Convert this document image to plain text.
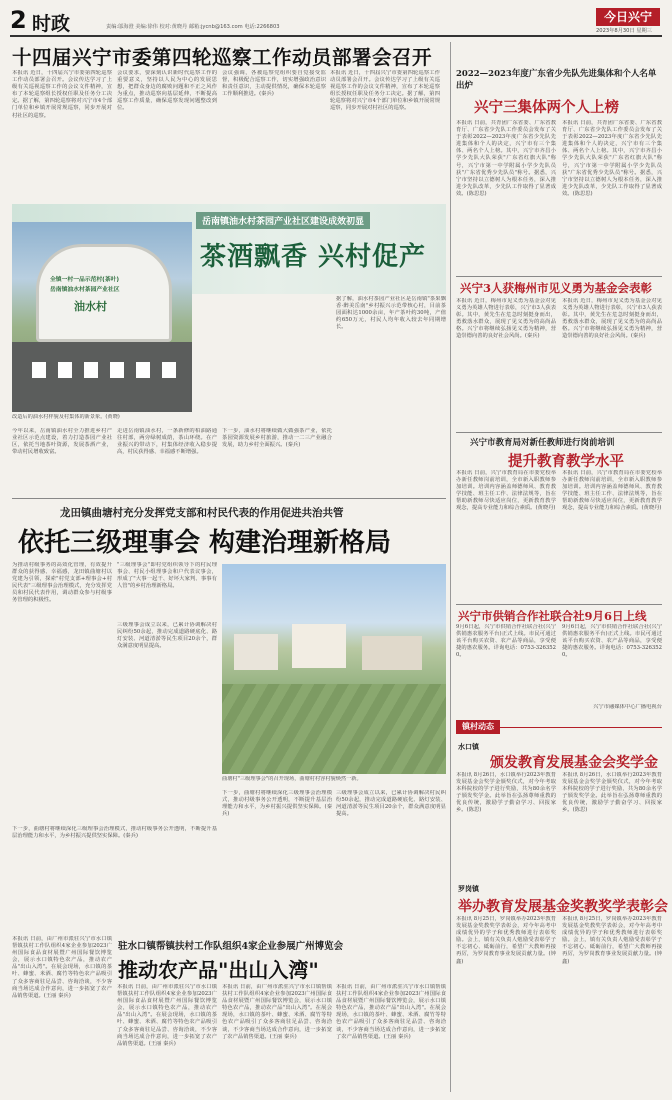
2 时政	责编:邬海澄 美编:徐伟 校对:黄晓丹 邮箱:jycnb@163.com 电话:2266803
今日兴宁
2023年8月30日 星期三
十四届兴宁市委第四轮巡察工作动员部署会召开
本报讯 近日，十四届兴宁市委第四轮巡察工作动员部署会召开。会议传达学习了上级有关巡视巡察工作的会议文件精神，宣布了本轮巡察组长授权任职及任务分工决定。据了解，第四轮巡察将对兴宁市4个部门单位和乡镇开展常规巡察，同步开展对村社区的巡察。
会议要求，要深刻认识新时代巡察工作的重要意义，坚持以人民为中心的发展思想，把群众身边的腐败问题和不正之风作为重点，推动巡察向基层延伸，不断提高巡察工作质量，确保巡察发现问题整改到位。
会议强调，各被巡察党组织要自觉接受监督，积极配合巡察工作，切实增强政治意识和责任意识，主动提供情况，确保本轮巡察工作顺利推进。(秦兵)
本报讯 近日，十四届兴宁市委第四轮巡察工作动员部署会召开。会议传达学习了上级有关巡视巡察工作的会议文件精神，宣布了本轮巡察组长授权任职及任务分工决定。据了解，第四轮巡察将对兴宁市4个部门单位和乡镇开展常规巡察，同步开展对村社区的巡察。
岳南镇油水村茶园产业社区建设成效初显
茶酒飘香 兴村促产
全镇一村一品示范村(茶叶)
岳南镇油水村茶园产业社区
油水村
改造后的油水村样貌及村集体的新景象。(黄晓)
今年以来，岳南镇油水村全力推进乡村产业社区示范点建设，着力打造茶园产业社区，依托当地茶叶资源，发展茶酒产业，带动村民增收致富。
走进岳南镇油水村，一条新修的柏油路通往村部，两旁绿树成荫，茶山环绕。在产业振兴的带动下，村集体经济收入稳步提高，村民获得感、幸福感不断增强。
下一步，油水村将继续做大做强茶产业，依托茶园资源发展乡村旅游，推动一二三产业融合发展，助力乡村全面振兴。(秦兵)
据了解，油水村茶园产业社区是岳南镇"茶果飘香·醉美岳南"乡村振兴示范带核心村，目前茶园面积达1000余亩，年产茶叶约30吨，产值约650万元，村民人均年收入较去年同期增长。
龙田镇曲塘村充分发挥党支部和村民代表的作用促进共治共管
依托三级理事会 构建治理新格局
为推动村级事务的高效化管理，有效提升群众的获得感、幸福感，龙田镇曲塘村以党建为引领，探索"村党支部+理事会+村民代表"三级理事会治理模式，充分发挥党员和村民代表作用，调动群众参与村级事务管理的积极性。
"三级理事会"即村党组织领导下的村民理事会、村民小组理事会和户代表议事会，形成了"大事一起干、好坏大家判、事事有人管"的乡村治理新格局。
三级理事会成立以来，已累计协调解决村民纠纷50余起，推动完成道路硬底化、路灯安装、河道清淤等民生项目20余个，群众满意度明显提高。
曲塘村"三级理事会"的召开现场，曲塘村村容村貌焕然一新。
下一步，曲塘村将继续深化三级理事会治理模式，推动村级事务公开透明，不断提升基层治理能力和水平，为乡村振兴提供坚实保障。(秦兵)
三级理事会成立以来，已累计协调解决村民纠纷50余起，推动完成道路硬底化、路灯安装、河道清淤等民生项目20余个，群众满意度明显提高。
下一步，曲塘村将继续深化三级理事会治理模式，推动村级事务公开透明，不断提升基层治理能力和水平，为乡村振兴提供坚实保障。(秦兵)
驻水口镇帮镇扶村工作队组织4家企业参展广州博览会
推动农产品"出山入湾"
本报讯 日前，由广州市派驻兴宁市水口镇帮镇扶村工作队组织4家企业参加2023广州国际食品食材展暨广州国际餐饮博览会，展示水口镇特色农产品，推动农产品"出山入湾"。在展会现场，水口镇的茶叶、蜂蜜、米酒、腐竹等特色农产品吸引了众多客商驻足品尝、咨询洽谈，不少客商当场达成合作意向，进一步拓宽了农产品销售渠道。(王丽 秦兵)
本报讯 日前，由广州市派驻兴宁市水口镇帮镇扶村工作队组织4家企业参加2023广州国际食品食材展暨广州国际餐饮博览会，展示水口镇特色农产品，推动农产品"出山入湾"。在展会现场，水口镇的茶叶、蜂蜜、米酒、腐竹等特色农产品吸引了众多客商驻足品尝、咨询洽谈，不少客商当场达成合作意向，进一步拓宽了农产品销售渠道。(王丽 秦兵)
本报讯 日前，由广州市派驻兴宁市水口镇帮镇扶村工作队组织4家企业参加2023广州国际食品食材展暨广州国际餐饮博览会，展示水口镇特色农产品，推动农产品"出山入湾"。在展会现场，水口镇的茶叶、蜂蜜、米酒、腐竹等特色农产品吸引了众多客商驻足品尝、咨询洽谈，不少客商当场达成合作意向，进一步拓宽了农产品销售渠道。(王丽 秦兵)
本报讯 日前，由广州市派驻兴宁市水口镇帮镇扶村工作队组织4家企业参加2023广州国际食品食材展暨广州国际餐饮博览会，展示水口镇特色农产品，推动农产品"出山入湾"。在展会现场，水口镇的茶叶、蜂蜜、米酒、腐竹等特色农产品吸引了众多客商驻足品尝、咨询洽谈，不少客商当场达成合作意向，进一步拓宽了农产品销售渠道。(王丽 秦兵)
2022—2023年度广东省少先队先进集体和个人名单出炉
兴宁三集体两个人上榜
本报讯 日前，共青团广东省委、广东省教育厅、广东省少先队工作委员会发布了关于表彰2022—2023年度广东省少先队先进集体和个人的决定，兴宁市有三个集体、两名个人上榜。其中，兴宁市齐昌小学少先队大队荣获"广东省红旗大队"称号，兴宁市第一中学附属小学少先队员获"广东省优秀少先队员"称号。据悉，兴宁市坚持以立德树人为根本任务，深入推进少先队改革，少先队工作取得了显著成效。(陈思思)
本报讯 日前，共青团广东省委、广东省教育厅、广东省少先队工作委员会发布了关于表彰2022—2023年度广东省少先队先进集体和个人的决定，兴宁市有三个集体、两名个人上榜。其中，兴宁市齐昌小学少先队大队荣获"广东省红旗大队"称号，兴宁市第一中学附属小学少先队员获"广东省优秀少先队员"称号。据悉，兴宁市坚持以立德树人为根本任务，深入推进少先队改革，少先队工作取得了显著成效。(陈思思)
兴宁3人获梅州市见义勇为基金会表彰
本报讯 近日，梅州市见义勇为基金会对见义勇为英雄人物进行表彰，兴宁市3人获表彰。其中，黄先生在危急时刻挺身而出，勇救落水群众，展现了见义勇为的高尚品格。兴宁市将继续弘扬见义勇为精神，营造崇德向善的良好社会风尚。(秦兵)
本报讯 近日，梅州市见义勇为基金会对见义勇为英雄人物进行表彰，兴宁市3人获表彰。其中，黄先生在危急时刻挺身而出，勇救落水群众，展现了见义勇为的高尚品格。兴宁市将继续弘扬见义勇为精神，营造崇德向善的良好社会风尚。(秦兵)
兴宁市教育局对新任教师进行岗前培训
提升教育教学水平
本报讯 日前，兴宁市教育局在市委党校举办新任教师岗前培训，全市新入职教师参加培训。培训内容涵盖师德师风、教育教学技能、班主任工作、法律法规等，旨在帮助新教师尽快适应岗位，更新教育教学观念，提高专业能力和综合素质。(黄晓丹)
本报讯 日前，兴宁市教育局在市委党校举办新任教师岗前培训，全市新入职教师参加培训。培训内容涵盖师德师风、教育教学技能、班主任工作、法律法规等，旨在帮助新教师尽快适应岗位，更新教育教学观念，提高专业能力和综合素质。(黄晓丹)
兴宁市供销合作社联合社9月6日上线
9月6日起，兴宁市供销合作社联合社(兴宁供销惠农服务平台)正式上线。市民可通过该平台购买农资、农产品等商品，享受便捷的惠农服务。详询电话：0753-3263520。
9月6日起，兴宁市供销合作社联合社(兴宁供销惠农服务平台)正式上线。市民可通过该平台购买农资、农产品等商品，享受便捷的惠农服务。详询电话：0753-3263520。
兴宁市融媒体中心广播电视台
镇村动态
水口镇
颁发教育发展基金会奖学金
本报讯 8月26日，水口镇举行2023年教育发展基金会奖学金颁奖仪式，对今年考取本科院校的学子进行奖励，共为80余名学子颁发奖学金。此举旨在弘扬尊师重教的优良传统，激励学子勤奋学习、回报家乡。(陈思)
本报讯 8月26日，水口镇举行2023年教育发展基金会奖学金颁奖仪式，对今年考取本科院校的学子进行奖励，共为80余名学子颁发奖学金。此举旨在弘扬尊师重教的优良传统，激励学子勤奋学习、回报家乡。(陈思)
罗岗镇
举办教育发展基金奖教奖学表彰会
本报讯 8月25日，罗岗镇举办2023年教育发展基金奖教奖学表彰会，对今年高考中成绩优异的学子和优秀教师进行表彰奖励。会上，镇有关负责人勉励受表彰学子不忘初心、砥砺前行，希望广大教师再接再厉，为罗岗教育事业发展贡献力量。(钟鑫)
本报讯 8月25日，罗岗镇举办2023年教育发展基金奖教奖学表彰会，对今年高考中成绩优异的学子和优秀教师进行表彰奖励。会上，镇有关负责人勉励受表彰学子不忘初心、砥砺前行，希望广大教师再接再厉，为罗岗教育事业发展贡献力量。(钟鑫)
